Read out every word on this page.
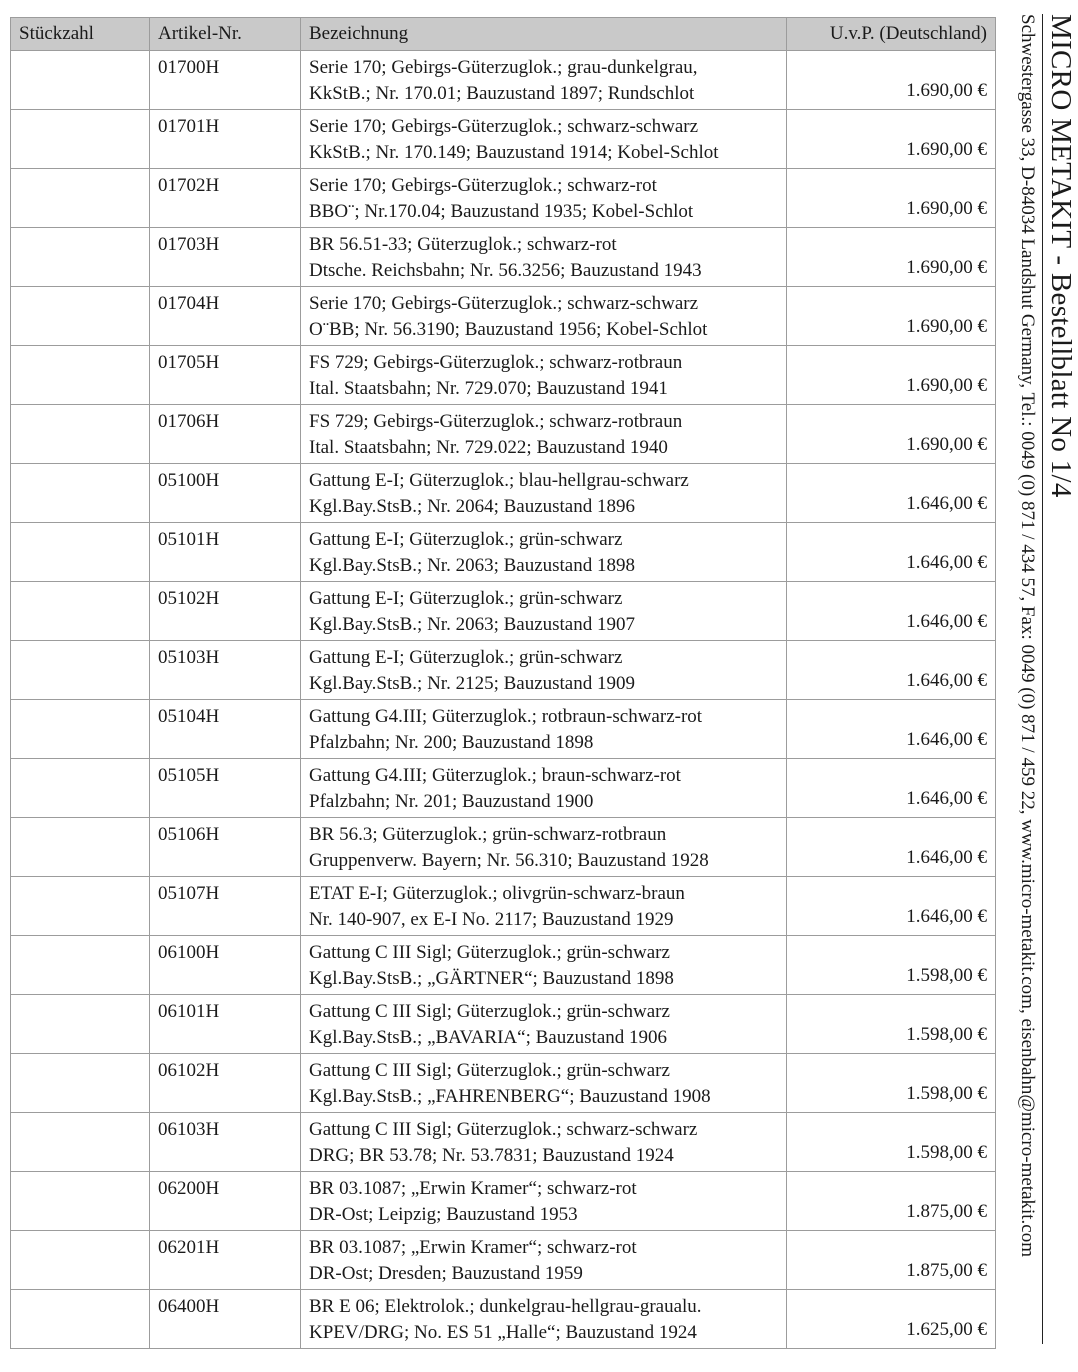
Stückzahl	Artikel-Nr.	Bezeichnung	U.v.P. (Deutschland)
	01700H	Serie 170; Gebirgs-Güterzuglok.; grau-dunkelgrau,
KkStB.; Nr. 170.01; Bauzustand 1897; Rundschlot	1.690,00 €
	01701H	Serie 170; Gebirgs-Güterzuglok.; schwarz-schwarz
KkStB.; Nr. 170.149; Bauzustand 1914; Kobel-Schlot	1.690,00 €
	01702H	Serie 170; Gebirgs-Güterzuglok.; schwarz-rot
BBO¨; Nr.170.04; Bauzustand 1935; Kobel-Schlot	1.690,00 €
	01703H	BR 56.51-33; Güterzuglok.; schwarz-rot
Dtsche. Reichsbahn; Nr. 56.3256; Bauzustand 1943	1.690,00 €
	01704H	Serie 170; Gebirgs-Güterzuglok.; schwarz-schwarz
O¨BB; Nr. 56.3190; Bauzustand 1956; Kobel-Schlot	1.690,00 €
	01705H	FS 729; Gebirgs-Güterzuglok.; schwarz-rotbraun
Ital. Staatsbahn; Nr. 729.070; Bauzustand 1941	1.690,00 €
	01706H	FS 729; Gebirgs-Güterzuglok.; schwarz-rotbraun
Ital. Staatsbahn; Nr. 729.022; Bauzustand 1940	1.690,00 €
	05100H	Gattung E-I; Güterzuglok.; blau-hellgrau-schwarz
Kgl.Bay.StsB.; Nr. 2064; Bauzustand 1896	1.646,00 €
	05101H	Gattung E-I; Güterzuglok.; grün-schwarz
Kgl.Bay.StsB.; Nr. 2063; Bauzustand 1898	1.646,00 €
	05102H	Gattung E-I; Güterzuglok.; grün-schwarz
Kgl.Bay.StsB.; Nr. 2063; Bauzustand 1907	1.646,00 €
	05103H	Gattung E-I; Güterzuglok.; grün-schwarz
Kgl.Bay.StsB.; Nr. 2125; Bauzustand 1909	1.646,00 €
	05104H	Gattung G4.III; Güterzuglok.; rotbraun-schwarz-rot
Pfalzbahn; Nr. 200; Bauzustand 1898	1.646,00 €
	05105H	Gattung G4.III; Güterzuglok.; braun-schwarz-rot
Pfalzbahn; Nr. 201; Bauzustand 1900	1.646,00 €
	05106H	BR 56.3; Güterzuglok.; grün-schwarz-rotbraun
Gruppenverw. Bayern; Nr. 56.310; Bauzustand 1928	1.646,00 €
	05107H	ETAT E-I; Güterzuglok.; olivgrün-schwarz-braun
Nr. 140-907, ex E-I No. 2117; Bauzustand 1929	1.646,00 €
	06100H	Gattung C III Sigl; Güterzuglok.; grün-schwarz
Kgl.Bay.StsB.; „GÄRTNER“; Bauzustand 1898	1.598,00 €
	06101H	Gattung C III Sigl; Güterzuglok.; grün-schwarz
Kgl.Bay.StsB.; „BAVARIA“; Bauzustand 1906	1.598,00 €
	06102H	Gattung C III Sigl; Güterzuglok.; grün-schwarz
Kgl.Bay.StsB.; „FAHRENBERG“; Bauzustand 1908	1.598,00 €
	06103H	Gattung C III Sigl; Güterzuglok.; schwarz-schwarz
DRG; BR 53.78; Nr. 53.7831; Bauzustand 1924	1.598,00 €
	06200H	BR 03.1087; „Erwin Kramer“; schwarz-rot
DR-Ost; Leipzig; Bauzustand 1953	1.875,00 €
	06201H	BR 03.1087; „Erwin Kramer“; schwarz-rot
DR-Ost; Dresden; Bauzustand 1959	1.875,00 €
	06400H	BR E 06; Elektrolok.; dunkelgrau-hellgrau-graualu.
KPEV/DRG; No. ES 51 „Halle“; Bauzustand 1924	1.625,00 €
MICRO METAKIT - Bestellblatt No 1/4
Schwestergasse 33, D-84034 Landshut Germany, Tel.: 0049 (0) 871 / 434 57, Fax: 0049 (0) 871 / 459 22, www.micro-metakit.com, eisenbahn@micro-metakit.com
